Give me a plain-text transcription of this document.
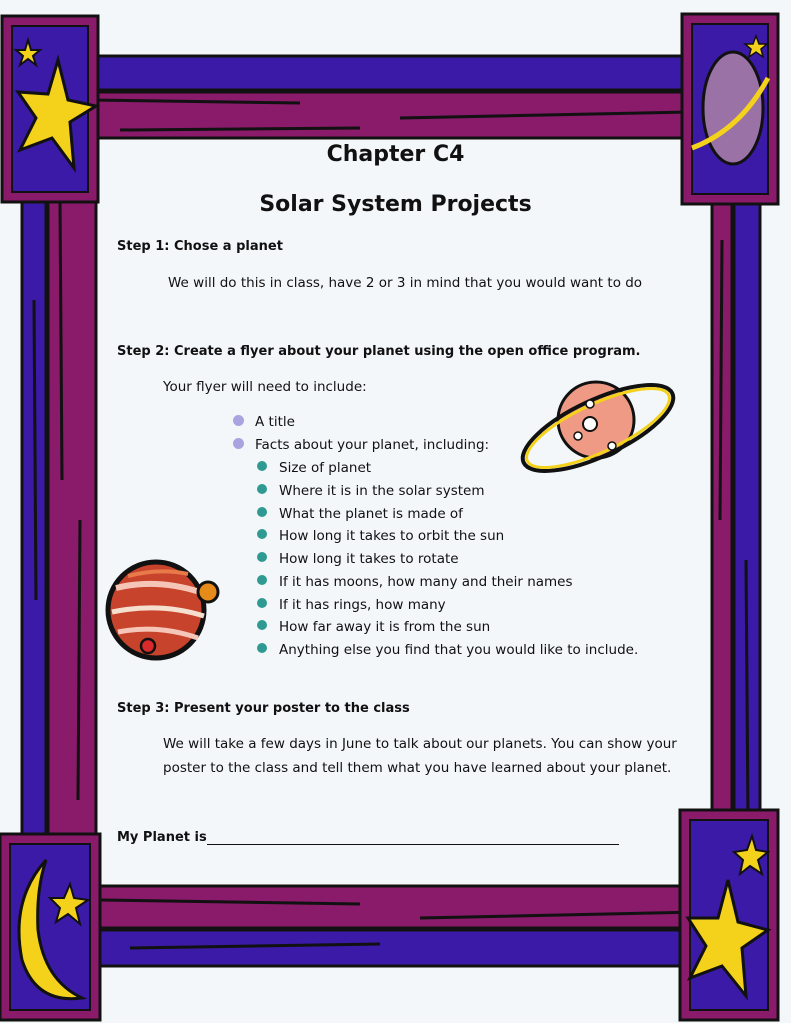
Chapter C4
Solar System Projects
Step 1: Chose a planet
We will do this in class, have 2 or 3 in mind that you would want to do
Step 2: Create a flyer about your planet using the open office program.
Your flyer will need to include:
A title
Facts about your planet, including:
Size of planet
Where it is in the solar system
What the planet is made of
How long it takes to orbit the sun
How long it takes to rotate
If it has moons, how many and their names
If it has rings, how many
How far away it is from the sun
Anything else you find that you would like to include.
Step 3: Present your poster to the class
We will take a few days in June to talk about our planets. You can show your
poster to the class and tell them what you have learned about your planet.
My Planet is
